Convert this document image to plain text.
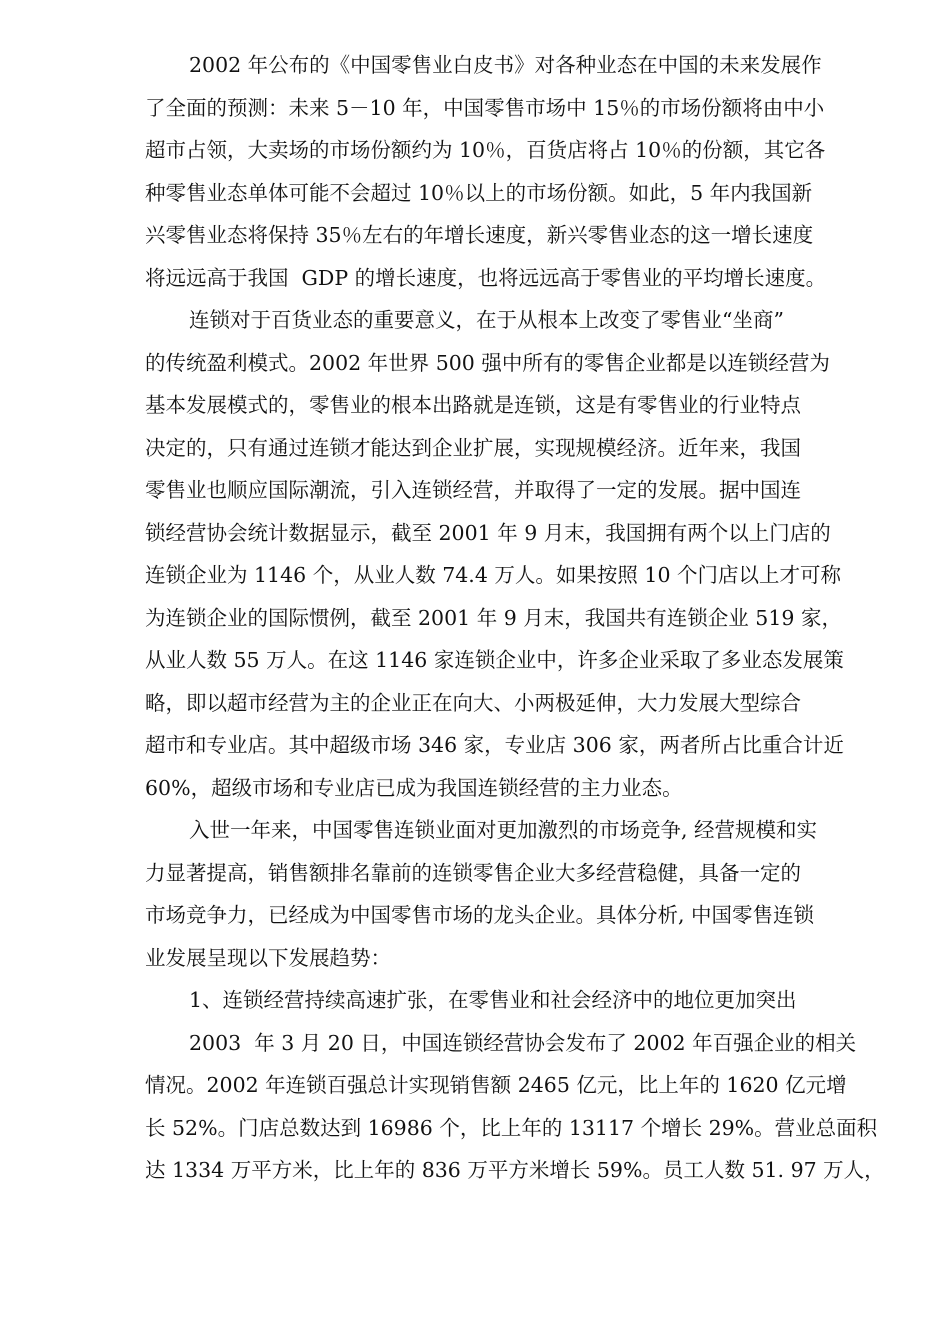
2002 年公布的《中国零售业白皮书》对各种业态在中国的未来发展作
了全面的预测：未来 5－10 年，中国零售市场中 15％的市场份额将由中小
超市占领，大卖场的市场份额约为 10％，百货店将占 10％的份额，其它各
种零售业态单体可能不会超过 10％以上的市场份额。如此，5 年内我国新
兴零售业态将保持 35％左右的年增长速度，新兴零售业态的这一增长速度
将远远高于我国  GDP 的增长速度，也将远远高于零售业的平均增长速度。
连锁对于百货业态的重要意义，在于从根本上改变了零售业“坐商”
的传统盈利模式。2002 年世界 500 强中所有的零售企业都是以连锁经营为
基本发展模式的，零售业的根本出路就是连锁，这是有零售业的行业特点
决定的，只有通过连锁才能达到企业扩展，实现规模经济。近年来，我国
零售业也顺应国际潮流，引入连锁经营，并取得了一定的发展。据中国连
锁经营协会统计数据显示，截至 2001 年 9 月末，我国拥有两个以上门店的
连锁企业为 1146 个，从业人数 74.4 万人。如果按照 10 个门店以上才可称
为连锁企业的国际惯例，截至 2001 年 9 月末，我国共有连锁企业 519 家，
从业人数 55 万人。在这 1146 家连锁企业中，许多企业采取了多业态发展策
略，即以超市经营为主的企业正在向大、小两极延伸，大力发展大型综合
超市和专业店。其中超级市场 346 家，专业店 306 家，两者所占比重合计近
60%，超级市场和专业店已成为我国连锁经营的主力业态。
入世一年来，中国零售连锁业面对更加激烈的市场竞争, 经营规模和实
力显著提高，销售额排名靠前的连锁零售企业大多经营稳健，具备一定的
市场竞争力，已经成为中国零售市场的龙头企业。具体分析, 中国零售连锁
业发展呈现以下发展趋势：
1、连锁经营持续高速扩张，在零售业和社会经济中的地位更加突出
2003  年 3 月 20 日，中国连锁经营协会发布了 2002 年百强企业的相关
情况。2002 年连锁百强总计实现销售额 2465 亿元，比上年的 1620 亿元增
长 52%。门店总数达到 16986 个，比上年的 13117 个增长 29%。营业总面积
达 1334 万平方米，比上年的 836 万平方米增长 59%。员工人数 51. 97 万人，
